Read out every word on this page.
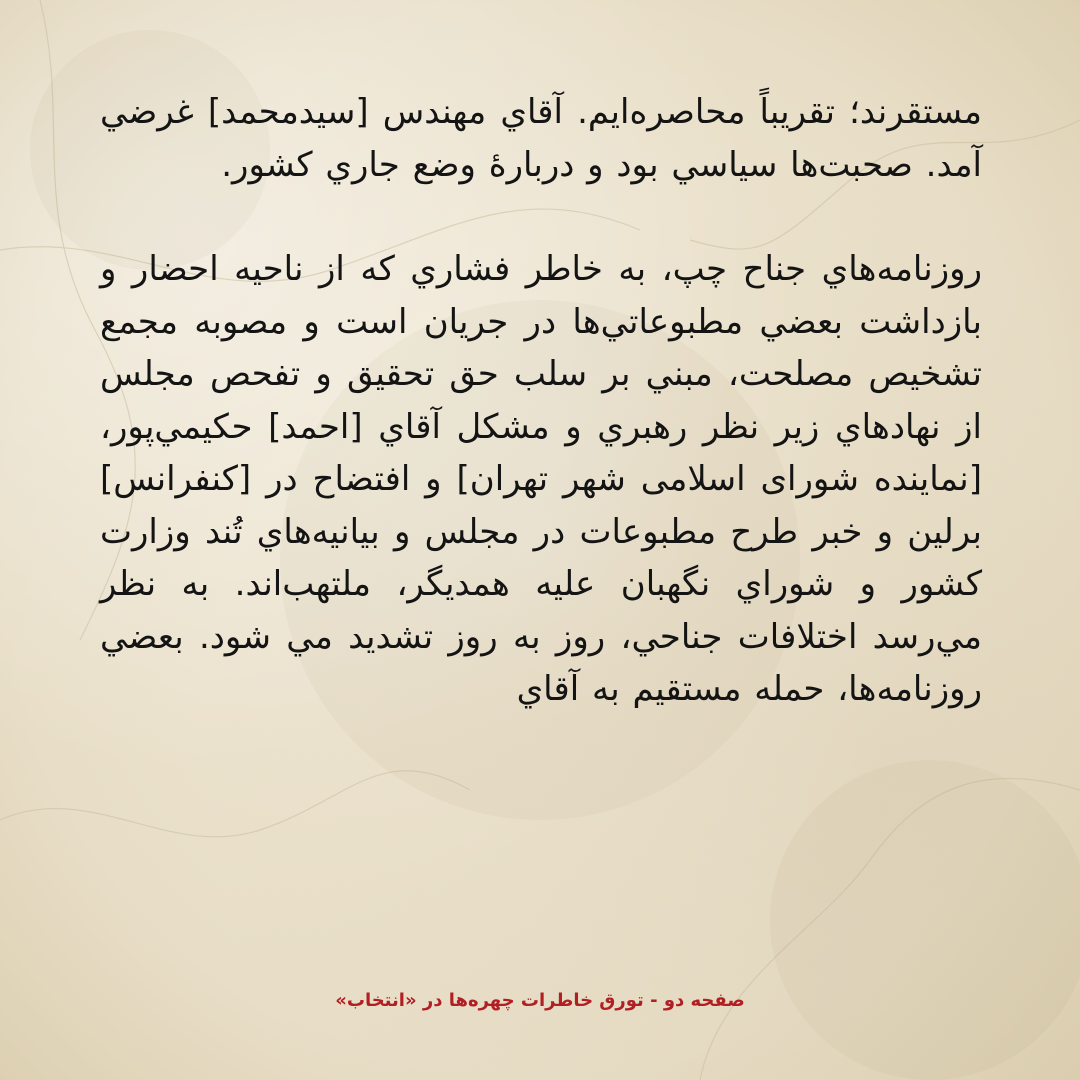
مستقرند؛ تقريباً محاصره‌ايم. آقاي مهندس [سيدمحمد] غرضي آمد. صحبت‌ها سياسي بود و دربارهٔ وضع جاري كشور.

روزنامه‌هاي جناح چپ، به خاطر فشاري كه از ناحيه احضار و بازداشت بعضي مطبوعاتي‌ها در جريان است و مصوبه مجمع تشخيص مصلحت، مبني بر سلب حق تحقيق و تفحص مجلس از نهادهاي زير نظر رهبري و مشكل آقاي [احمد] حكيمي‌پور، [نماينده شوراى اسلامى شهر تهران] و افتضاح در [كنفرانس] برلين و خبر طرح مطبوعات در مجلس و بيانيه‌هاي تُند وزارت كشور و شوراي نگهبان عليه همديگر، ملتهب‌اند. به نظر مي‌رسد اختلافات جناحي، روز به روز تشديد مي شود. بعضي روزنامه‌ها، حمله مستقيم به آقاي

صفحه دو - تورق خاطرات چهره‌ها در «انتخاب»
